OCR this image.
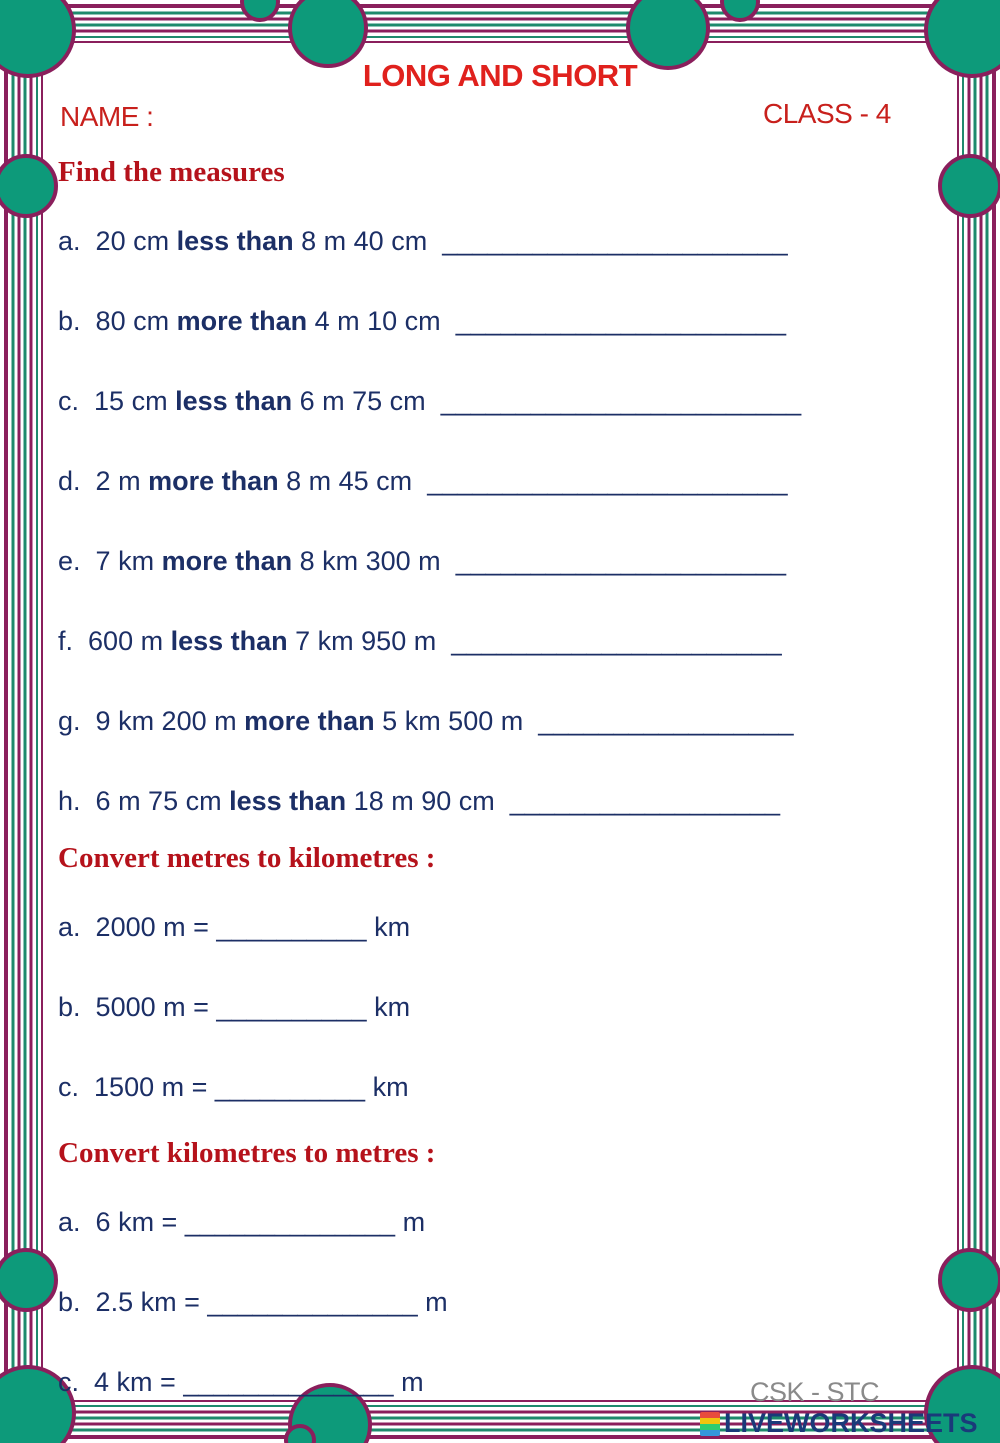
LONG AND SHORT
NAME :	CLASS - 4
Find the measures
a. 20 cm less than 8 m 40 cm _______________________
b. 80 cm more than 4 m 10 cm ______________________
c. 15 cm less than 6 m 75 cm ________________________
d. 2 m more than 8 m 45 cm ________________________
e. 7 km more than 8 km 300 m ______________________
f. 600 m less than 7 km 950 m ______________________
g. 9 km 200 m more than 5 km 500 m _________________
h. 6 m 75 cm less than 18 m 90 cm __________________
Convert metres to kilometres :
a. 2000 m = __________ km
b. 5000 m = __________ km
c. 1500 m = __________ km
Convert kilometres to metres :
a. 6 km = ______________ m
b. 2.5 km = ______________ m
c. 4 km = ______________ m	CSK - STC
LIVEWORKSHEETS
